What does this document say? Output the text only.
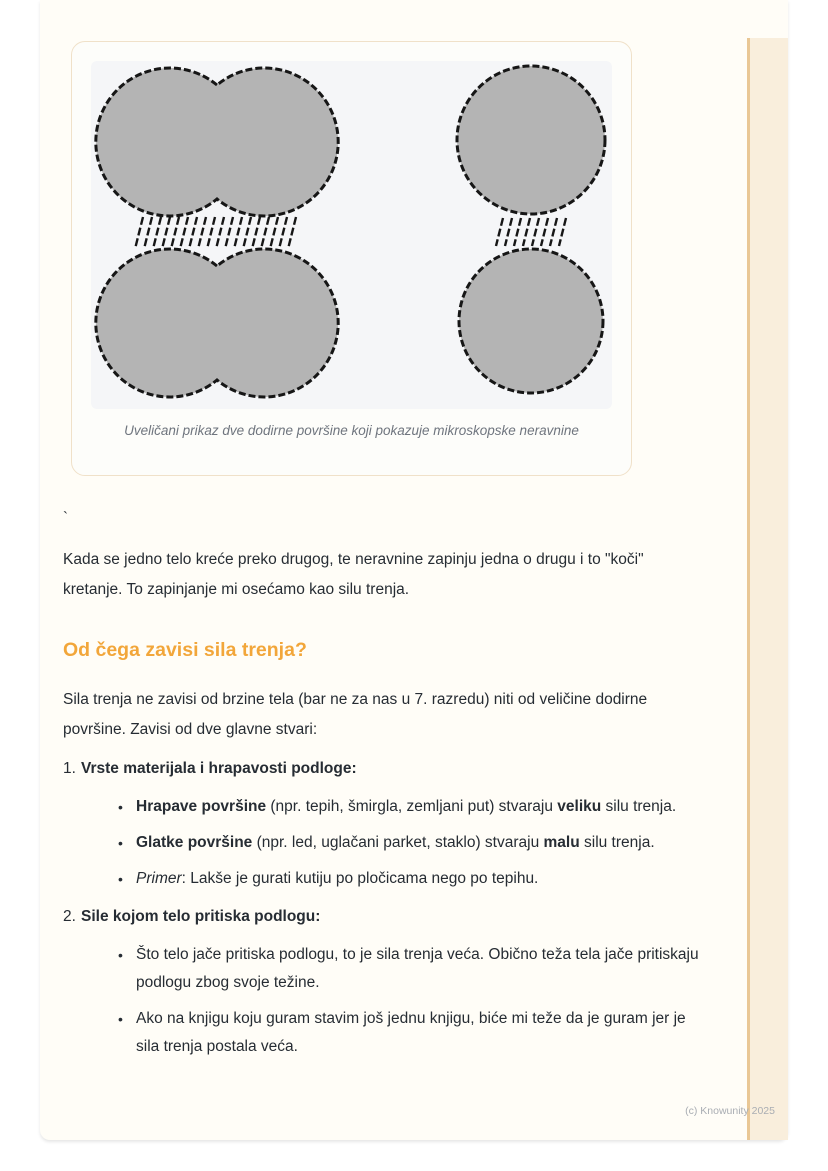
Uveličani prikaz dve dodirne površine koji pokazuje mikroskopske neravnine

`

Kada se jedno telo kreće preko drugog, te neravnine zapinju jedna o drugu i to "koči" kretanje. To zapinjanje mi osećamo kao silu trenja.

Od čega zavisi sila trenja?

Sila trenja ne zavisi od brzine tela (bar ne za nas u 7. razredu) niti od veličine dodirne površine. Zavisi od dve glavne stvari:

1. Vrste materijala i hrapavosti podloge:
• Hrapave površine (npr. tepih, šmirgla, zemljani put) stvaraju veliku silu trenja.
• Glatke površine (npr. led, uglačani parket, staklo) stvaraju malu silu trenja.
• Primer: Lakše je gurati kutiju po pločicama nego po tepihu.
2. Sile kojom telo pritiska podlogu:
• Što telo jače pritiska podlogu, to je sila trenja veća. Obično teža tela jače pritiskaju podlogu zbog svoje težine.
• Ako na knjigu koju guram stavim još jednu knjigu, biće mi teže da je guram jer je sila trenja postala veća.
(c) Knowunity 2025
